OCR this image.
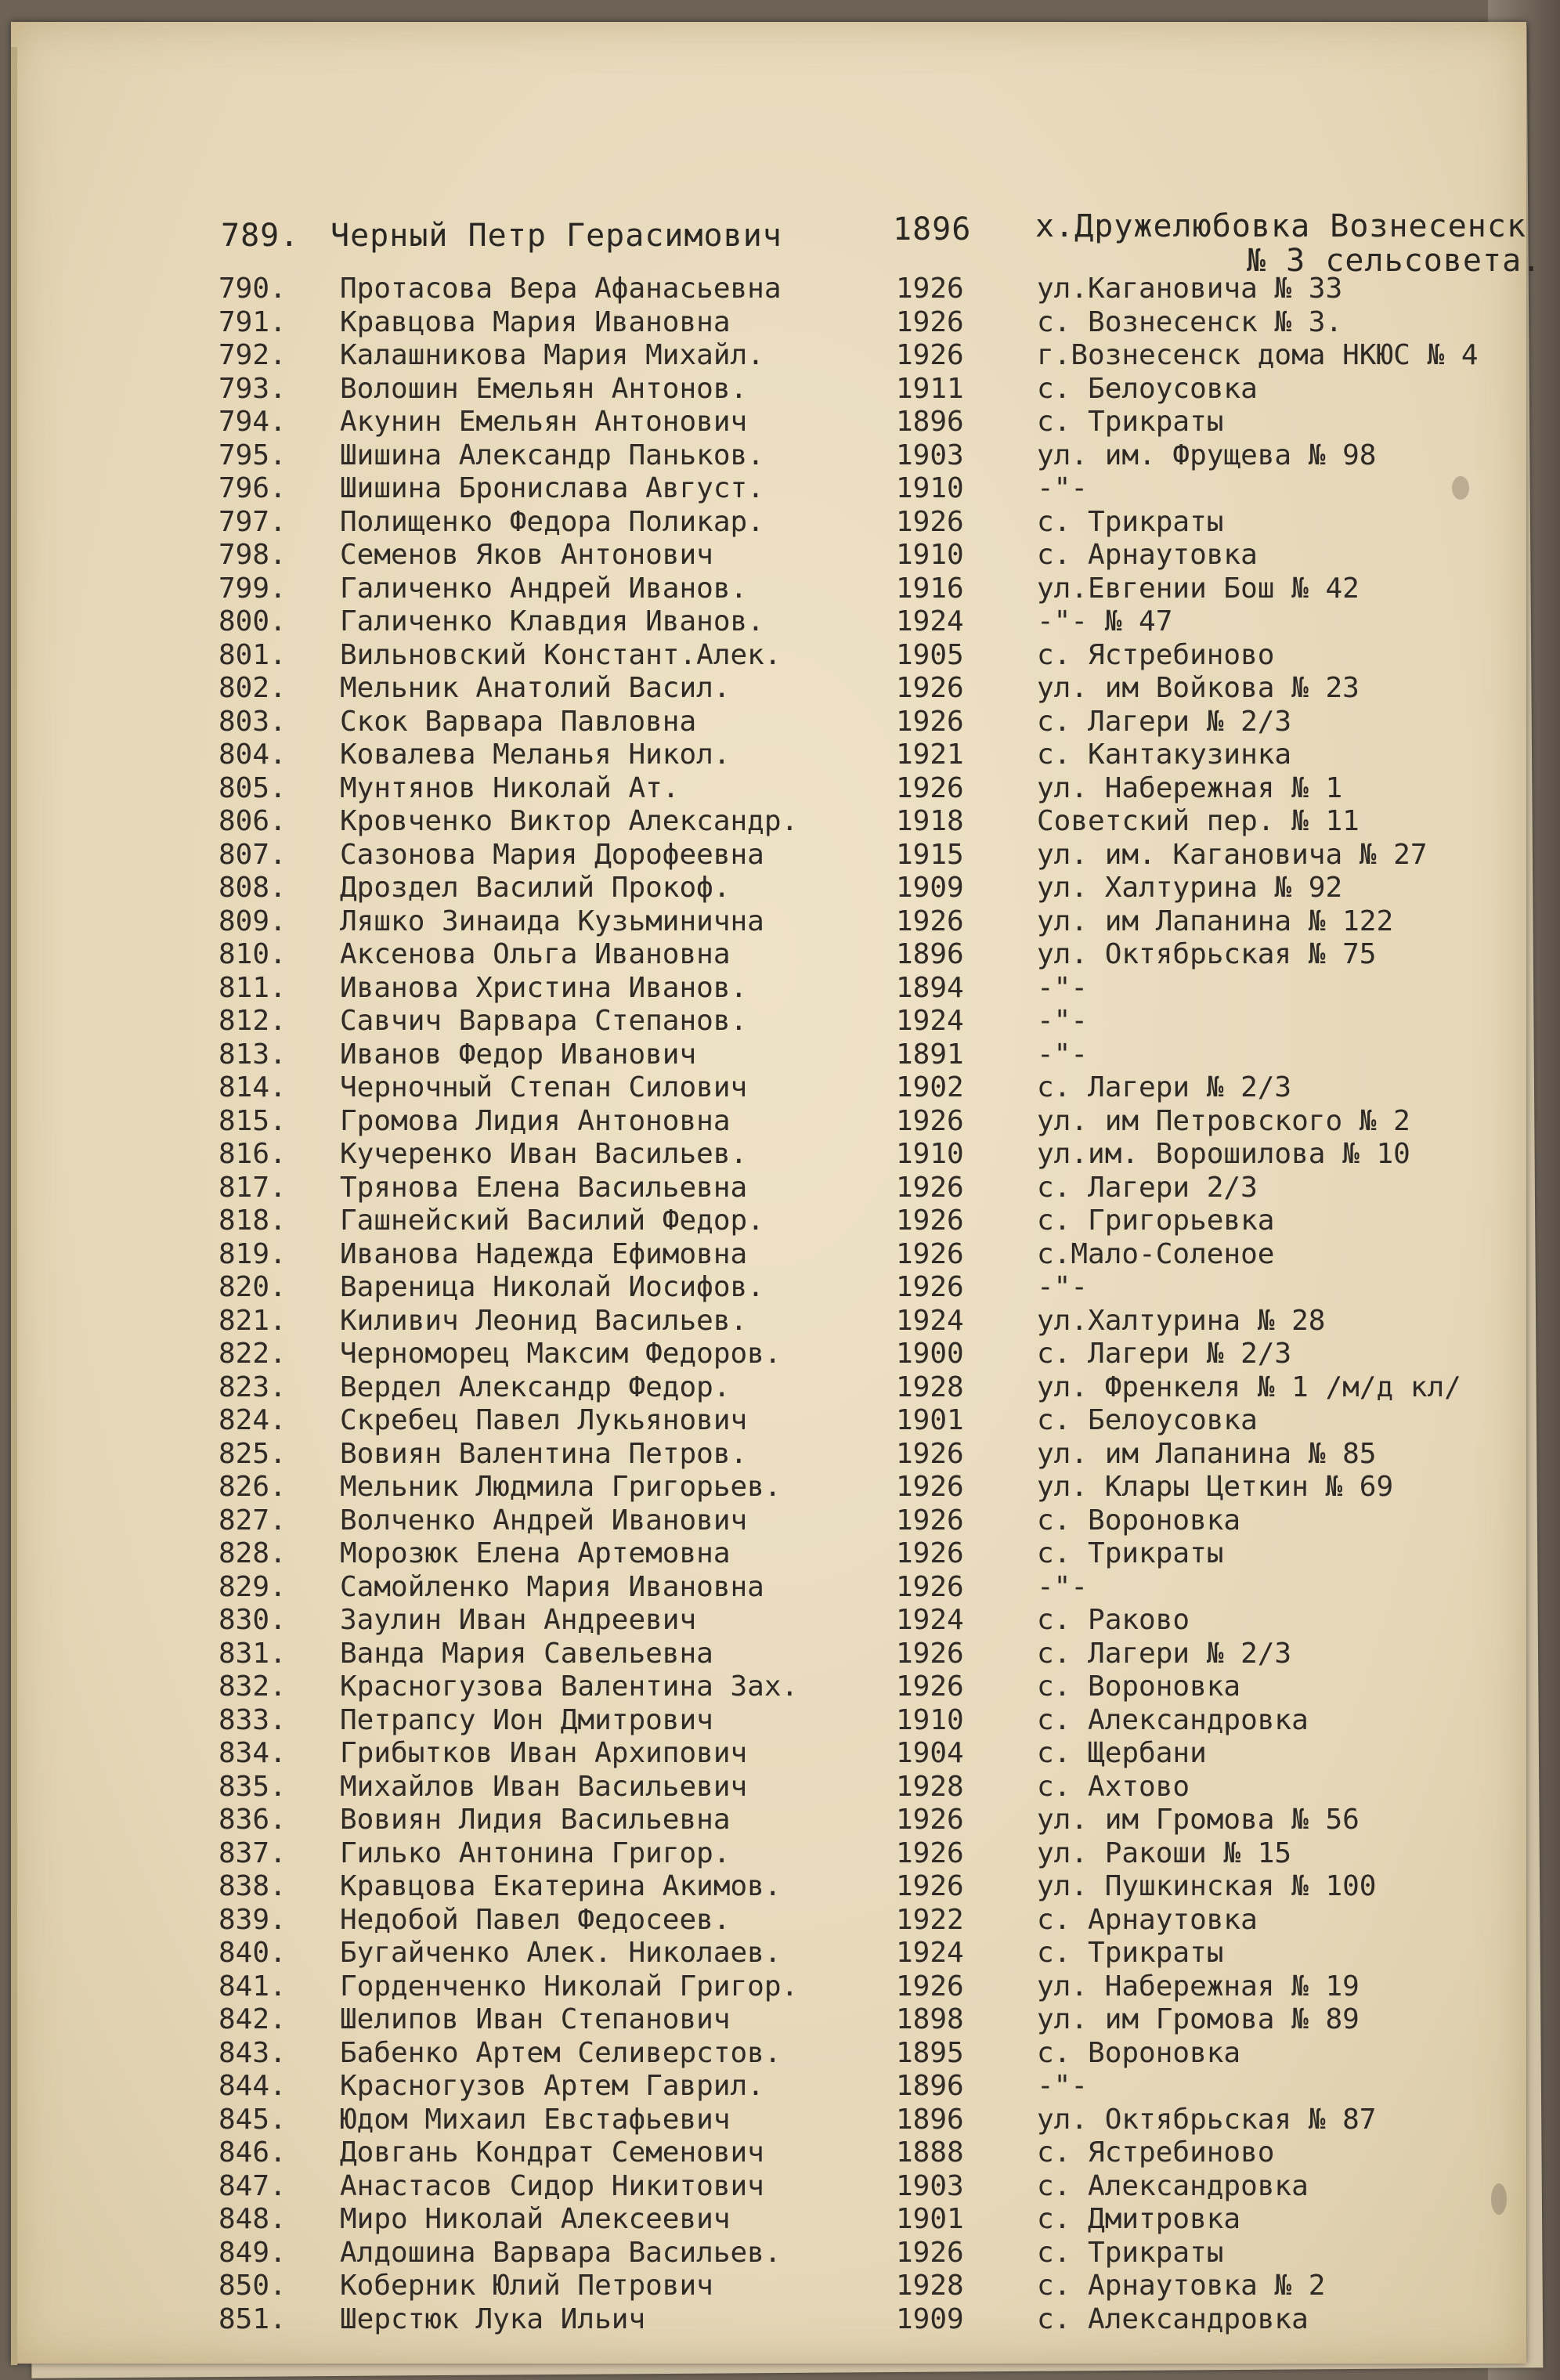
789. Черный Петр Герасимович	1896 х.Дружелюбовка Вознесенск
№ 3 сельсовета.
790.	Протасова Вера Афанасьевна	1926	ул.Кагановича № 33
791.	Кравцова Мария Ивановна	1926	с. Вознесенск № 3.
792.	Калашникова Мария Михайл.	1926	г.Вознесенск дома НКЮС № 4
793.	Волошин Емельян Антонов.	1911	с. Белоусовка
794.	Акунин Емельян Антонович	1896	с. Трикраты
795.	Шишина Александр Паньков.	1903	ул. им. Фрущева № 98
796.	Шишина Бронислава Август.	1910	-"-
797.	Полищенко Федора Поликар.	1926	с. Трикраты
798.	Семенов Яков Антонович	1910	с. Арнаутовка
799.	Галиченко Андрей Иванов.	1916	ул.Евгении Бош № 42
800.	Галиченко Клавдия Иванов.	1924	-"- № 47
801.	Вильновский Констант.Алек.	1905	с. Ястребиново
802.	Мельник Анатолий Васил.	1926	ул. им Войкова № 23
803.	Скок Варвара Павловна	1926	с. Лагери № 2/3
804.	Ковалева Меланья Никол.	1921	с. Кантакузинка
805.	Мунтянов Николай Ат.	1926	ул. Набережная № 1
806.	Кровченко Виктор Александр.	1918	Советский пер. № 11
807.	Сазонова Мария Дорофеевна	1915	ул. им. Кагановича № 27
808.	Дроздел Василий Прокоф.	1909	ул. Халтурина № 92
809.	Ляшко Зинаида Кузьминична	1926	ул. им Лапанина № 122
810.	Аксенова Ольга Ивановна	1896	ул. Октябрьская № 75
811.	Иванова Христина Иванов.	1894	-"-
812.	Савчич Варвара Степанов.	1924	-"-
813.	Иванов Федор Иванович	1891	-"-
814.	Черночный Степан Силович	1902	с. Лагери № 2/3
815.	Громова Лидия Антоновна	1926	ул. им Петровского № 2
816.	Кучеренко Иван Васильев.	1910	ул.им. Ворошилова № 10
817.	Трянова Елена Васильевна	1926	с. Лагери 2/3
818.	Гашнейский Василий Федор.	1926	с. Григорьевка
819.	Иванова Надежда Ефимовна	1926	с.Мало-Соленое
820.	Вареница Николай Иосифов.	1926	-"-
821.	Киливич Леонид Васильев.	1924	ул.Халтурина № 28
822.	Черноморец Максим Федоров.	1900	с. Лагери № 2/3
823.	Вердел Александр Федор.	1928	ул. Френкеля № 1 /м/д кл/
824.	Скребец Павел Лукьянович	1901	с. Белоусовка
825.	Вовиян Валентина Петров.	1926	ул. им Лапанина № 85
826.	Мельник Людмила Григорьев.	1926	ул. Клары Цеткин № 69
827.	Волченко Андрей Иванович	1926	с. Вороновка
828.	Морозюк Елена Артемовна	1926	с. Трикраты
829.	Самойленко Мария Ивановна	1926	-"-
830.	Заулин Иван Андреевич	1924	с. Раково
831.	Ванда Мария Савельевна	1926	с. Лагери № 2/3
832.	Красногузова Валентина Зах.	1926	с. Вороновка
833.	Петрапсу Ион Дмитрович	1910	с. Александровка
834.	Грибытков Иван Архипович	1904	с. Щербани
835.	Михайлов Иван Васильевич	1928	с. Ахтово
836.	Вовиян Лидия Васильевна	1926	ул. им Громова № 56
837.	Гилько Антонина Григор.	1926	ул. Ракоши № 15
838.	Кравцова Екатерина Акимов.	1926	ул. Пушкинская № 100
839.	Недобой Павел Федосеев.	1922	с. Арнаутовка
840.	Бугайченко Алек. Николаев.	1924	с. Трикраты
841.	Горденченко Николай Григор.	1926	ул. Набережная № 19
842.	Шелипов Иван Степанович	1898	ул. им Громова № 89
843.	Бабенко Артем Селиверстов.	1895	с. Вороновка
844.	Красногузов Артем Гаврил.	1896	-"-
845.	Юдом Михаил Евстафьевич	1896	ул. Октябрьская № 87
846.	Довгань Кондрат Семенович	1888	с. Ястребиново
847.	Анастасов Сидор Никитович	1903	с. Александровка
848.	Миро Николай Алексеевич	1901	с. Дмитровка
849.	Алдошина Варвара Васильев.	1926	с. Трикраты
850.	Коберник Юлий Петрович	1928	с. Арнаутовка № 2
851.	Шерстюк Лука Ильич	1909	с. Александровка
